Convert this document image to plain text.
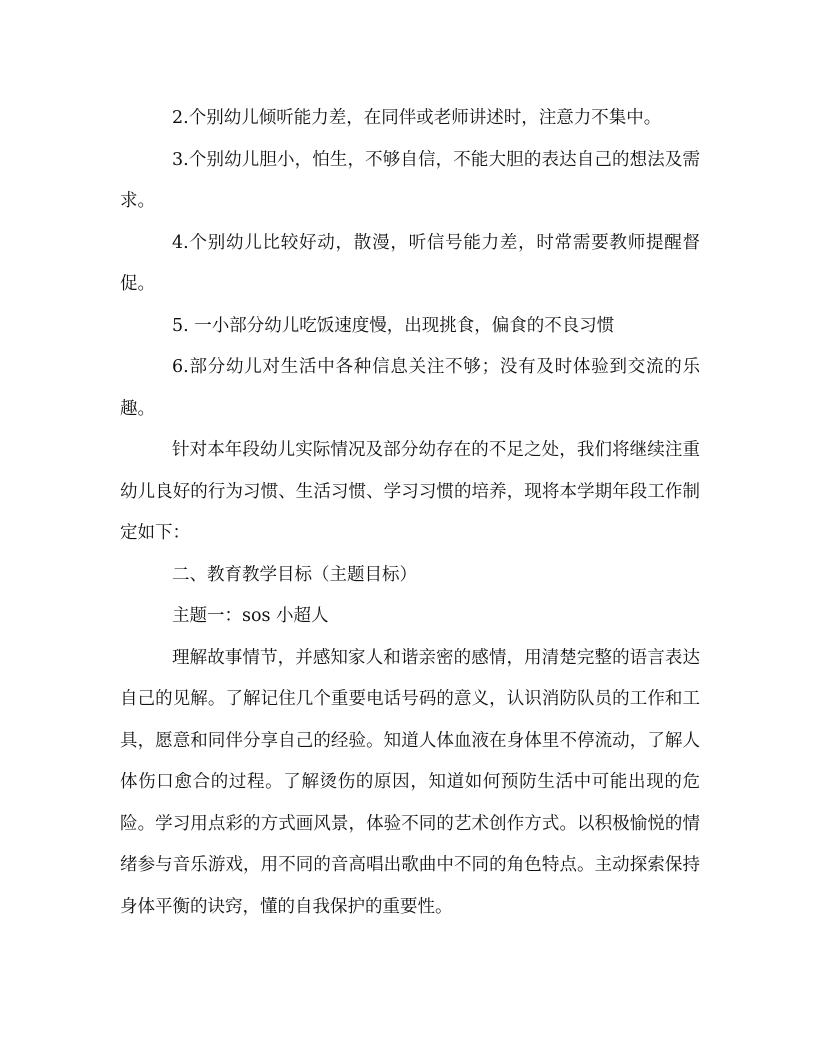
2.个别幼儿倾听能力差，在同伴或老师讲述时，注意力不集中。

3.个别幼儿胆小，怕生，不够自信，不能大胆的表达自己的想法及需求。

4.个别幼儿比较好动，散漫，听信号能力差，时常需要教师提醒督促。

5. 一小部分幼儿吃饭速度慢，出现挑食，偏食的不良习惯

6.部分幼儿对生活中各种信息关注不够；没有及时体验到交流的乐趣。

针对本年段幼儿实际情况及部分幼存在的不足之处，我们将继续注重幼儿良好的行为习惯、生活习惯、学习习惯的培养，现将本学期年段工作制定如下：

二、教育教学目标（主题目标）

主题一：sos 小超人

理解故事情节，并感知家人和谐亲密的感情，用清楚完整的语言表达自己的见解。了解记住几个重要电话号码的意义，认识消防队员的工作和工具，愿意和同伴分享自己的经验。知道人体血液在身体里不停流动，了解人体伤口愈合的过程。了解烫伤的原因，知道如何预防生活中可能出现的危险。学习用点彩的方式画风景，体验不同的艺术创作方式。以积极愉悦的情绪参与音乐游戏，用不同的音高唱出歌曲中不同的角色特点。主动探索保持身体平衡的诀窍，懂的自我保护的重要性。
